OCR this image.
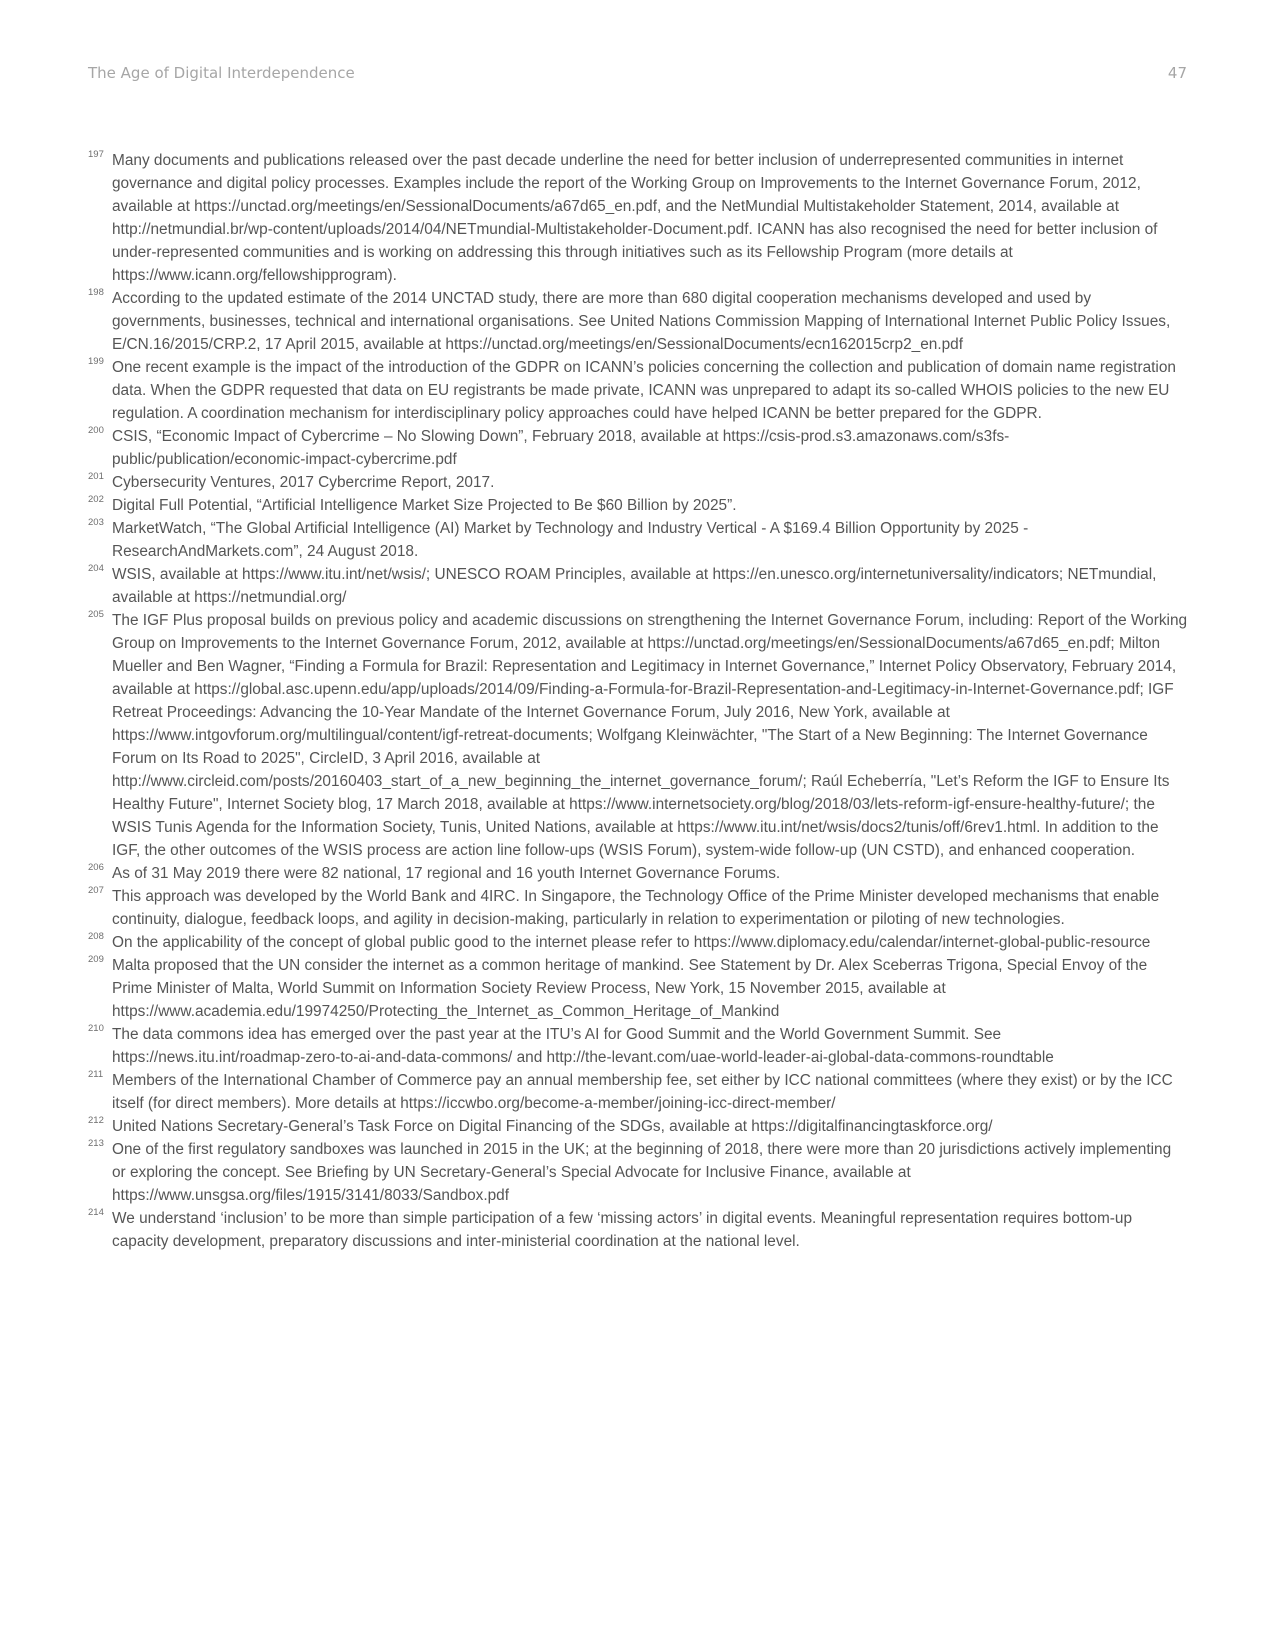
The Age of Digital Interdependence	47
197 Many documents and publications released over the past decade underline the need for better inclusion of underrepresented communities in internet governance and digital policy processes. Examples include the report of the Working Group on Improvements to the Internet Governance Forum, 2012, available at https://unctad.org/meetings/en/SessionalDocuments/a67d65_en.pdf, and the NetMundial Multistakeholder Statement, 2014, available at http://netmundial.br/wp-content/uploads/2014/04/NETmundial-Multistakeholder-Document.pdf. ICANN has also recognised the need for better inclusion of under-represented communities and is working on addressing this through initiatives such as its Fellowship Program (more details at https://www.icann.org/fellowshipprogram).
198 According to the updated estimate of the 2014 UNCTAD study, there are more than 680 digital cooperation mechanisms developed and used by governments, businesses, technical and international organisations. See United Nations Commission Mapping of International Internet Public Policy Issues, E/CN.16/2015/CRP.2, 17 April 2015, available at https://unctad.org/meetings/en/SessionalDocuments/ecn162015crp2_en.pdf
199 One recent example is the impact of the introduction of the GDPR on ICANN’s policies concerning the collection and publication of domain name registration data. When the GDPR requested that data on EU registrants be made private, ICANN was unprepared to adapt its so-called WHOIS policies to the new EU regulation. A coordination mechanism for interdisciplinary policy approaches could have helped ICANN be better prepared for the GDPR.
200 CSIS, “Economic Impact of Cybercrime – No Slowing Down”, February 2018, available at https://csis-prod.s3.amazonaws.com/s3fs-public/publication/economic-impact-cybercrime.pdf
201 Cybersecurity Ventures, 2017 Cybercrime Report, 2017.
202 Digital Full Potential, “Artificial Intelligence Market Size Projected to Be $60 Billion by 2025”.
203 MarketWatch, “The Global Artificial Intelligence (AI) Market by Technology and Industry Vertical - A $169.4 Billion Opportunity by 2025 - ResearchAndMarkets.com”, 24 August 2018.
204 WSIS, available at https://www.itu.int/net/wsis/; UNESCO ROAM Principles, available at https://en.unesco.org/internetuniversality/indicators; NETmundial, available at https://netmundial.org/
205 The IGF Plus proposal builds on previous policy and academic discussions on strengthening the Internet Governance Forum, including: Report of the Working Group on Improvements to the Internet Governance Forum, 2012, available at https://unctad.org/meetings/en/SessionalDocuments/a67d65_en.pdf; Milton Mueller and Ben Wagner, “Finding a Formula for Brazil: Representation and Legitimacy in Internet Governance,” Internet Policy Observatory, February 2014, available at https://global.asc.upenn.edu/app/uploads/2014/09/Finding-a-Formula-for-Brazil-Representation-and-Legitimacy-in-Internet-Governance.pdf; IGF Retreat Proceedings: Advancing the 10-Year Mandate of the Internet Governance Forum, July 2016, New York, available at https://www.intgovforum.org/multilingual/content/igf-retreat-documents; Wolfgang Kleinwächter, "The Start of a New Beginning: The Internet Governance Forum on Its Road to 2025", CircleID, 3 April 2016, available at http://www.circleid.com/posts/20160403_start_of_a_new_beginning_the_internet_governance_forum/; Raúl Echeberría, "Let’s Reform the IGF to Ensure Its Healthy Future", Internet Society blog, 17 March 2018, available at https://www.internetsociety.org/blog/2018/03/lets-reform-igf-ensure-healthy-future/; the WSIS Tunis Agenda for the Information Society, Tunis, United Nations, available at https://www.itu.int/net/wsis/docs2/tunis/off/6rev1.html. In addition to the IGF, the other outcomes of the WSIS process are action line follow-ups (WSIS Forum), system-wide follow-up (UN CSTD), and enhanced cooperation.
206 As of 31 May 2019 there were 82 national, 17 regional and 16 youth Internet Governance Forums.
207 This approach was developed by the World Bank and 4IRC. In Singapore, the Technology Office of the Prime Minister developed mechanisms that enable continuity, dialogue, feedback loops, and agility in decision-making, particularly in relation to experimentation or piloting of new technologies.
208 On the applicability of the concept of global public good to the internet please refer to https://www.diplomacy.edu/calendar/internet-global-public-resource
209 Malta proposed that the UN consider the internet as a common heritage of mankind. See Statement by Dr. Alex Sceberras Trigona, Special Envoy of the Prime Minister of Malta, World Summit on Information Society Review Process, New York, 15 November 2015, available at https://www.academia.edu/19974250/Protecting_the_Internet_as_Common_Heritage_of_Mankind
210 The data commons idea has emerged over the past year at the ITU’s AI for Good Summit and the World Government Summit. See https://news.itu.int/roadmap-zero-to-ai-and-data-commons/ and http://the-levant.com/uae-world-leader-ai-global-data-commons-roundtable
211 Members of the International Chamber of Commerce pay an annual membership fee, set either by ICC national committees (where they exist) or by the ICC itself (for direct members). More details at https://iccwbo.org/become-a-member/joining-icc-direct-member/
212 United Nations Secretary-General’s Task Force on Digital Financing of the SDGs, available at https://digitalfinancingtaskforce.org/
213 One of the first regulatory sandboxes was launched in 2015 in the UK; at the beginning of 2018, there were more than 20 jurisdictions actively implementing or exploring the concept. See Briefing by UN Secretary-General’s Special Advocate for Inclusive Finance, available at https://www.unsgsa.org/files/1915/3141/8033/Sandbox.pdf
214 We understand ‘inclusion’ to be more than simple participation of a few ‘missing actors’ in digital events. Meaningful representation requires bottom-up capacity development, preparatory discussions and inter-ministerial coordination at the national level.
